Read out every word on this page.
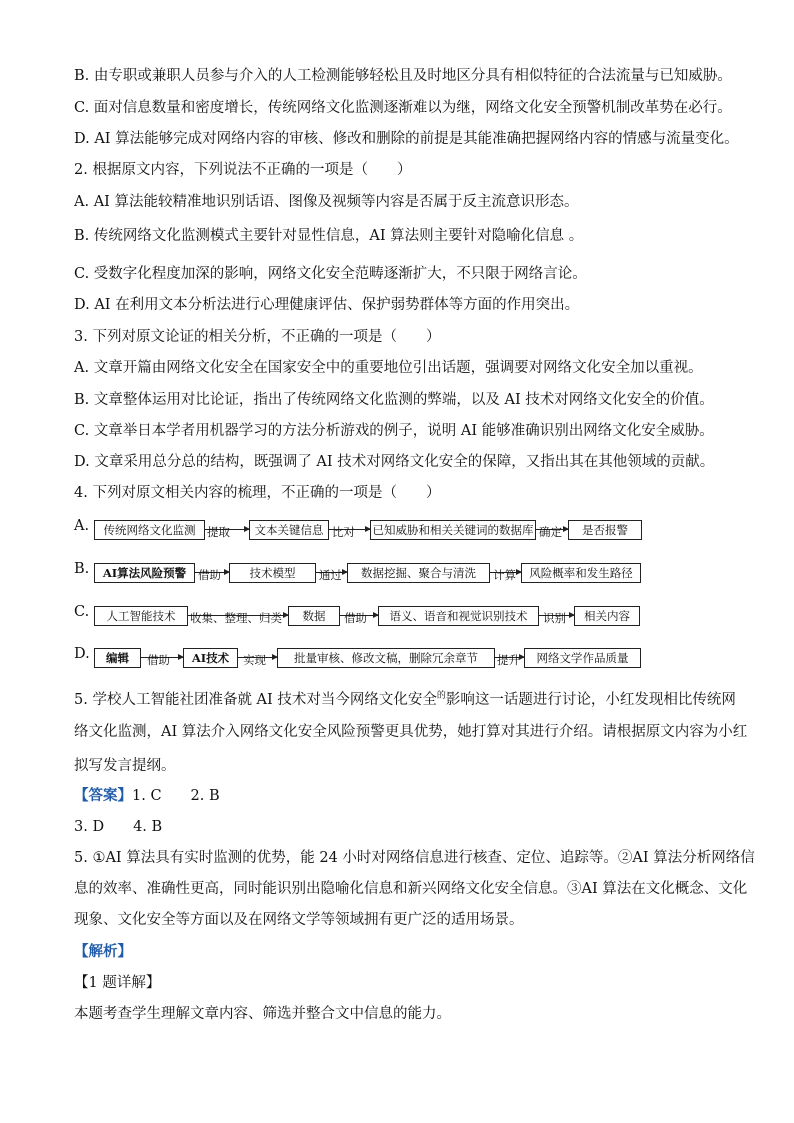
B. 由专职或兼职人员参与介入的人工检测能够轻松且及时地区分具有相似特征的合法流量与已知威胁。
C. 面对信息数量和密度增长，传统网络文化监测逐渐难以为继，网络文化安全预警机制改革势在必行。
D. AI 算法能够完成对网络内容的审核、修改和删除的前提是其能准确把握网络内容的情感与流量变化。
2. 根据原文内容，下列说法不正确的一项是（　　）
A. AI 算法能较精准地识别话语、图像及视频等内容是否属于反主流意识形态。
B. 传统网络文化监测模式主要针对显性信息，AI 算法则主要针对隐喻化信息 。
C. 受数字化程度加深的影响，网络文化安全范畴逐渐扩大，不只限于网络言论。
D. AI 在利用文本分析法进行心理健康评估、保护弱势群体等方面的作用突出。
3. 下列对原文论证的相关分析，不正确的一项是（　　）
A. 文章开篇由网络文化安全在国家安全中的重要地位引出话题，强调要对网络文化安全加以重视。
B. 文章整体运用对比论证，指出了传统网络文化监测的弊端，以及 AI 技术对网络文化安全的价值。
C. 文章举日本学者用机器学习的方法分析游戏的例子，说明 AI 能够准确识别出网络文化安全威胁。
D. 文章采用总分总的结构，既强调了 AI 技术对网络文化安全的保障，又指出其在其他领域的贡献。
4. 下列对原文相关内容的梳理，不正确的一项是（　　）
A.	传统网络文化监测	提取	文本关键信息 比对 已知威胁和相关关键词的数据库 确定	是否报警
B.	AI算法风险预警	借助	技术模型	通过	数据挖掘、聚合与清洗	计算	风险概率和发生路径
C.	人工智能技术	收集、整理、归类	数据	借助	语义、语音和视觉识别技术	识别	相关内容
D.	编辑	借助	AI技术	实现	批量审核、修改文稿，删除冗余章节	提升	网络文学作品质量
5. 学校人工智能社团准备就 AI 技术对当今网络文化安全$^的$影响这一话题进行讨论，小红发现相比传统网
络文化监测，AI 算法介入网络文化安全风险预警更具优势，她打算对其进行介绍。请根据原文内容为小红
拟写发言提纲。
【答案】1. C　　2. B
3. D　　4. B
5. ①AI 算法具有实时监测的优势，能 24 小时对网络信息进行核查、定位、追踪等。②AI 算法分析网络信
息的效率、准确性更高，同时能识别出隐喻化信息和新兴网络文化安全信息。③AI 算法在文化概念、文化
现象、文化安全等方面以及在网络文学等领域拥有更广泛的适用场景。
【解析】
【1 题详解】
本题考查学生理解文章内容、筛选并整合文中信息的能力。
